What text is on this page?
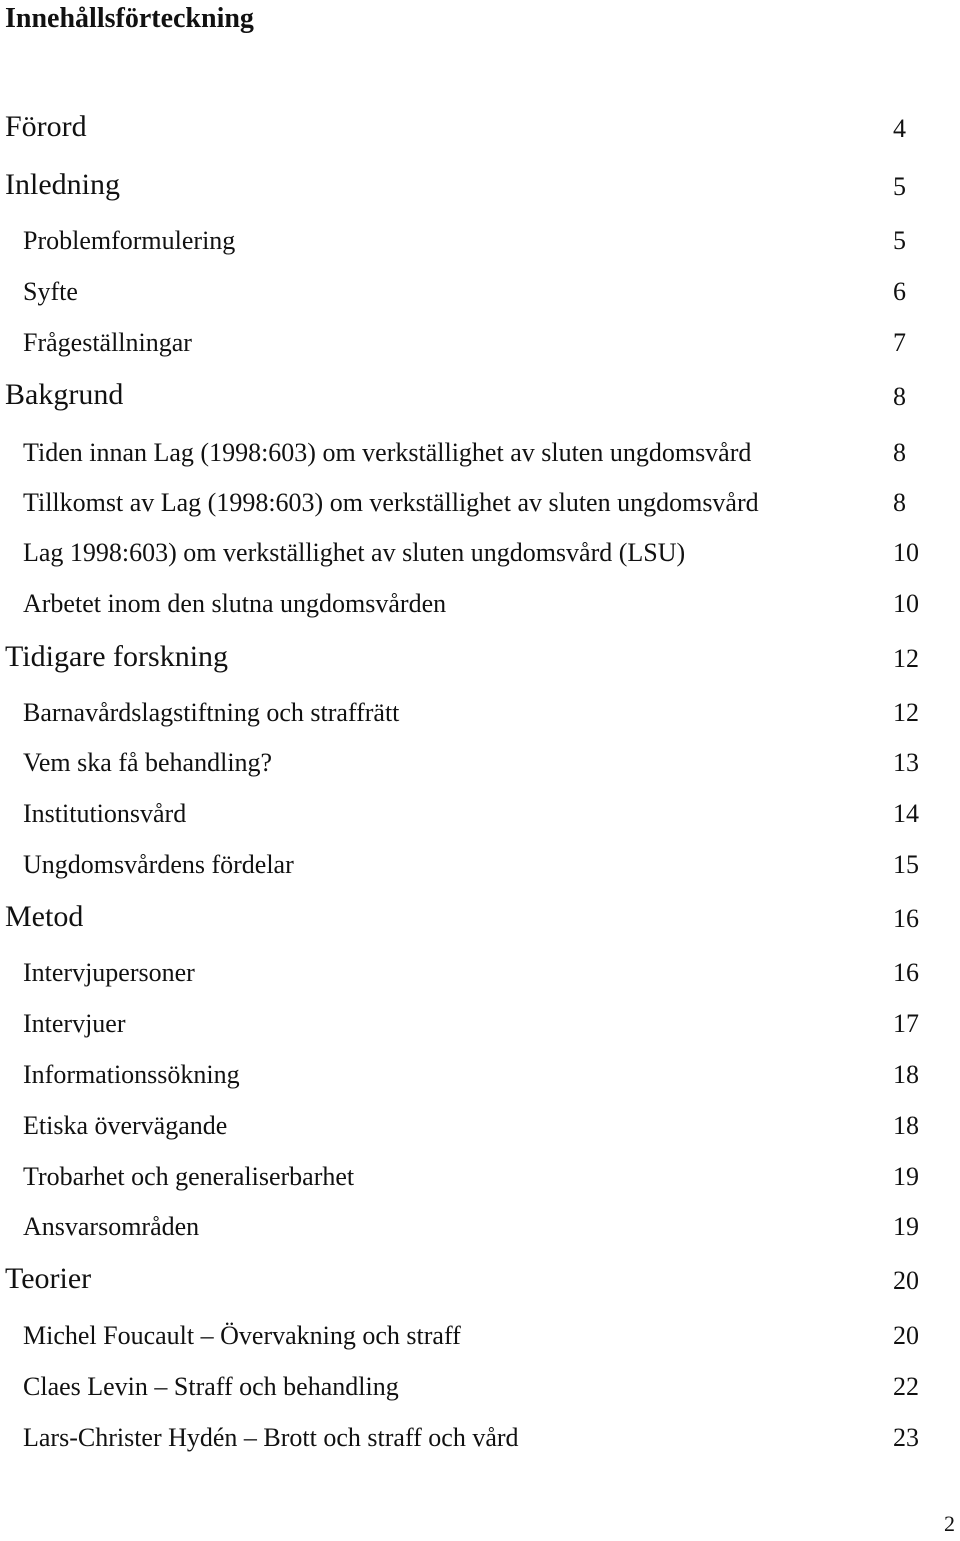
Innehållsförteckning
Förord	4
Inledning	5
Problemformulering	5
Syfte	6
Frågeställningar	7
Bakgrund	8
Tiden innan Lag (1998:603) om verkställighet av sluten ungdomsvård	8
Tillkomst av Lag (1998:603) om verkställighet av sluten ungdomsvård	8
Lag 1998:603) om verkställighet av sluten ungdomsvård (LSU)	10
Arbetet inom den slutna ungdomsvården	10
Tidigare forskning	12
Barnavårdslagstiftning och straffrätt	12
Vem ska få behandling?	13
Institutionsvård	14
Ungdomsvårdens fördelar	15
Metod	16
Intervjupersoner	16
Intervjuer	17
Informationssökning	18
Etiska övervägande	18
Trobarhet och generaliserbarhet	19
Ansvarsområden	19
Teorier	20
Michel Foucault – Övervakning och straff	20
Claes Levin – Straff och behandling	22
Lars-Christer Hydén – Brott och straff och vård	23
2
